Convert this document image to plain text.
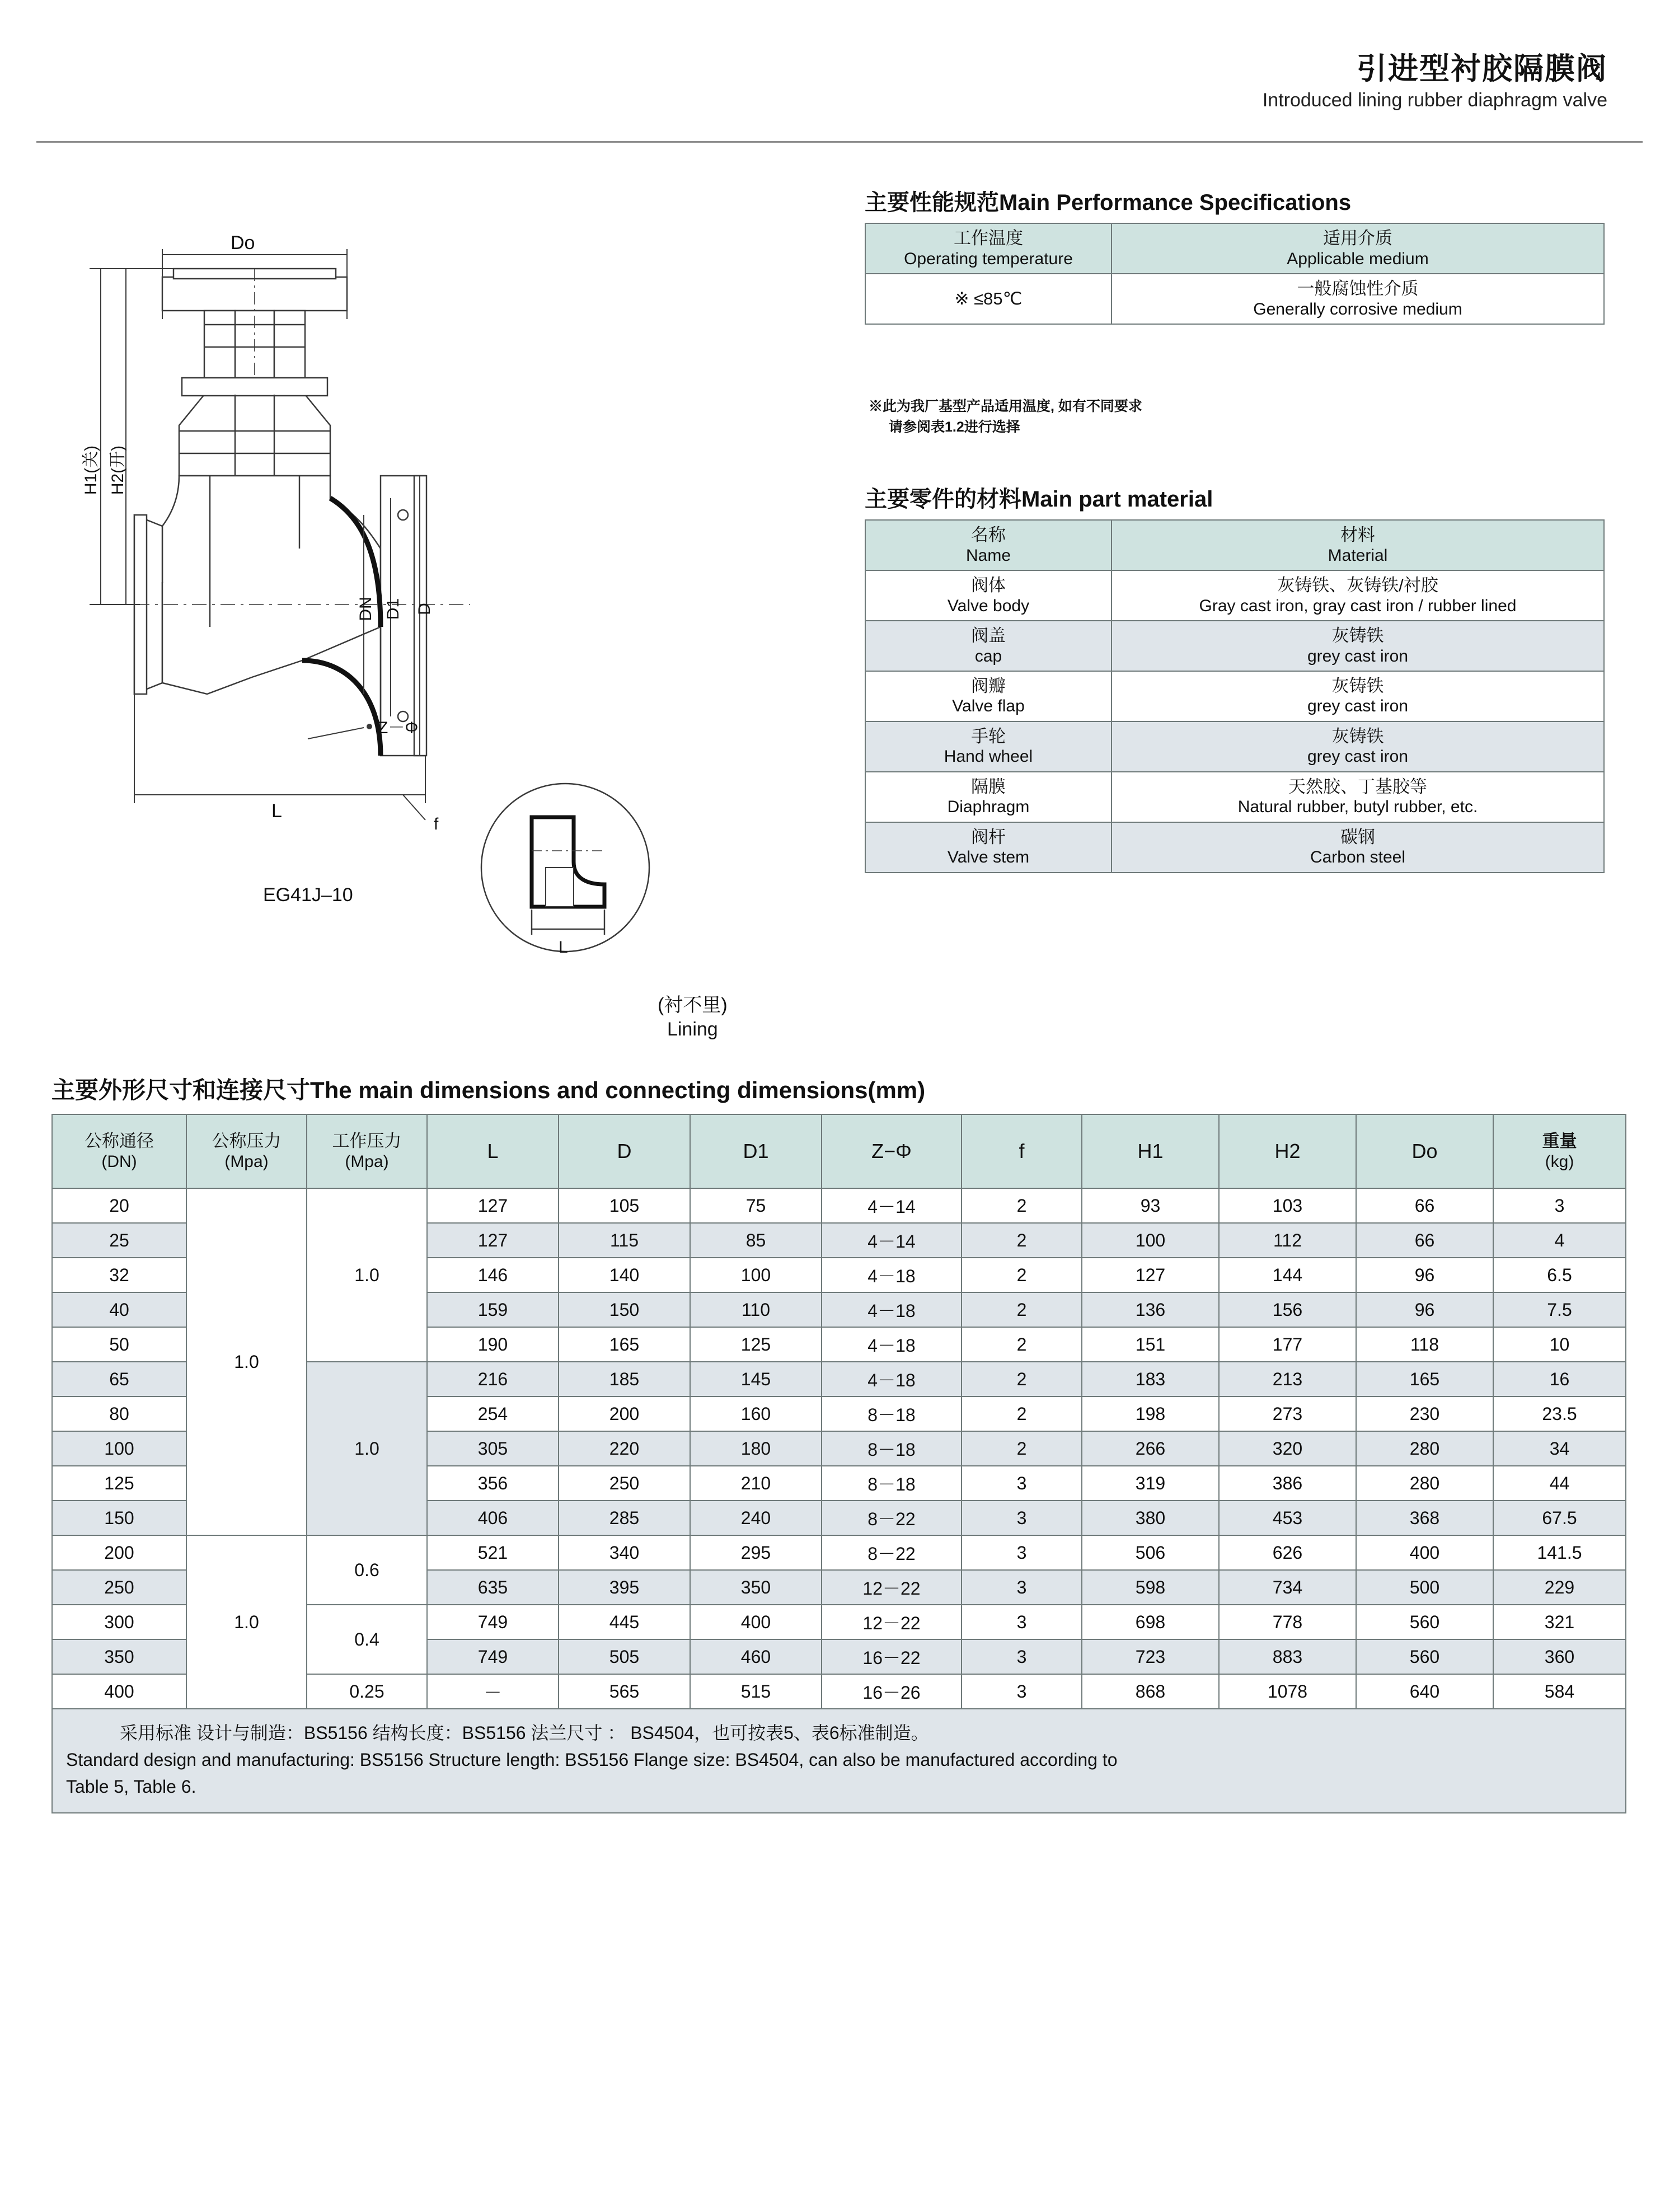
引进型衬胶隔膜阀
Introduced lining rubber diaphragm valve
Do
H1(关) H2(开)
DN D1 D
Z－Φ
L
f
L
EG41J–10
(衬不里)
Lining
主要性能规范Main Performance Specifications
工作温度
Operating temperature	适用介质
Applicable medium

※ ≤85℃	一般腐蚀性介质
Generally corrosive medium

※此为我厂基型产品适用温度, 如有不同要求

请参阅表1.2进行选择

主要零件的材料Main part material
名称
Name	材料
Material

阀体
Valve body	灰铸铁、灰铸铁/衬胶
Gray cast iron, gray cast iron / rubber lined

阀盖
cap	灰铸铁
grey cast iron

阀瓣
Valve flap	灰铸铁
grey cast iron

手轮
Hand wheel	灰铸铁
grey cast iron

隔膜
Diaphragm	天然胶、丁基胶等
Natural rubber, butyl rubber, etc.

阀杆
Valve stem	碳钢
Carbon steel
主要外形尺寸和连接尺寸The main dimensions and connecting dimensions(mm)
公称通径
(DN)	公称压力
(Mpa)	工作压力
(Mpa)	L	D	D1	Z−Φ	f	H1	H2	Do	重量
(kg)

20	1.0	1.0	127	105	75	4－14	2	93	103	66	3
25			127	115	85	4－14	2	100	112	66	4
32			146	140	100	4－18	2	127	144	96	6.5
40			159	150	110	4－18	2	136	156	96	7.5
50			190	165	125	4－18	2	151	177	118	10
65		1.0	216	185	145	4－18	2	183	213	165	16
80			254	200	160	8－18	2	198	273	230	23.5
100			305	220	180	8－18	2	266	320	280	34
125			356	250	210	8－18	3	319	386	280	44
150			406	285	240	8－22	3	380	453	368	67.5
200	1.0	0.6	521	340	295	8－22	3	506	626	400	141.5
250			635	395	350	12－22	3	598	734	500	229
300		0.4	749	445	400	12－22	3	698	778	560	321
350			749	505	460	16－22	3	723	883	560	360
400		0.25	－	565	515	16－26	3	868	1078	640	584

采用标准 设计与制造：BS5156 结构长度：BS5156 法兰尺寸 ： BS4504，也可按表5、表6标准制造。
Standard design and manufacturing: BS5156 Structure length: BS5156 Flange size: BS4504, can also be manufactured according to
Table 5, Table 6.											
